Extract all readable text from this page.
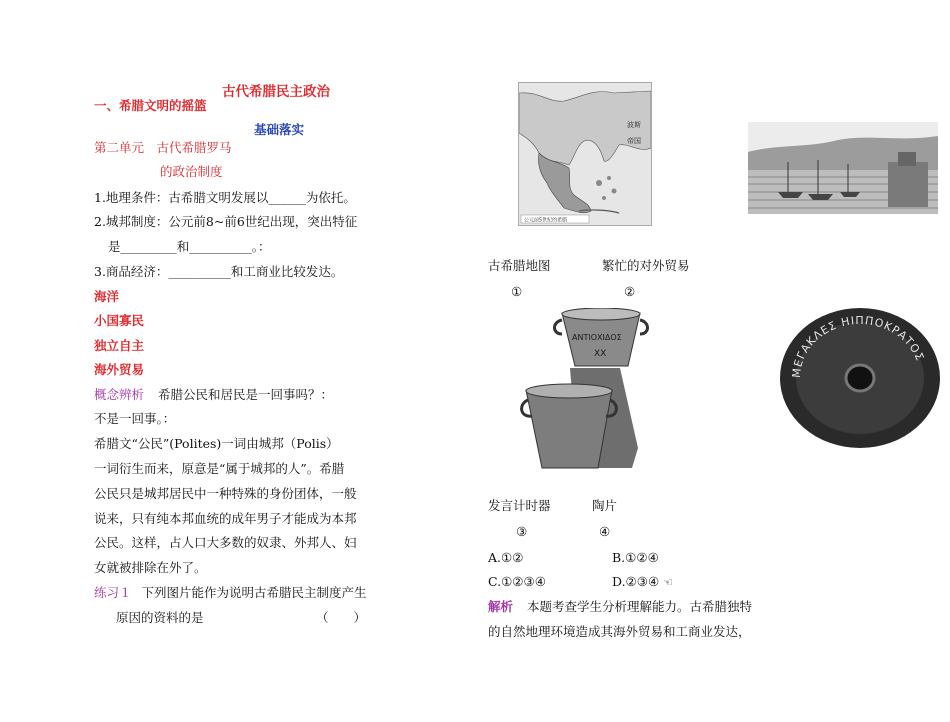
古代希腊民主政治
一、希腊文明的摇篮
基础落实
第二单元　古代希腊罗马
的政治制度
1.地理条件：古希腊文明发展以______为依托。
2.城邦制度：公元前8~前6世纪出现，突出特征
是_________和__________。：
3.商品经济：__________和工商业比较发达。
海洋
小国寡民
独立自主
海外贸易
概念辨析 希腊公民和居民是一回事吗？：
不是一回事。：
希腊文“公民”(Polites)一词由城邦（Polis）
一词衍生而来，原意是“属于城邦的人”。希腊
公民只是城邦居民中一种特殊的身份团体，一般
说来，只有纯本邦血统的成年男子才能成为本邦
公民。这样，占人口大多数的奴隶、外邦人、妇
女就被排除在外了。
练习１ 下列图片能作为说明古希腊民主制度产生
原因的资料的是	（　　）
波斯
帝国
公元前5世纪的希腊
古希腊地图	繁忙的对外贸易
①	②
ΑΝΤΙΟΧΙΔΟΣ
XX
ΜΕΓΑΚΛΕΣ ΗΙΠΠΟΚΡΑΤΟΣ
发言计时器	陶片
③	④
A.①②	B.①②④
C.①②③④	D.②③④ ☜
解析 本题考查学生分析理解能力。古希腊独特
的自然地理环境造成其海外贸易和工商业发达，
